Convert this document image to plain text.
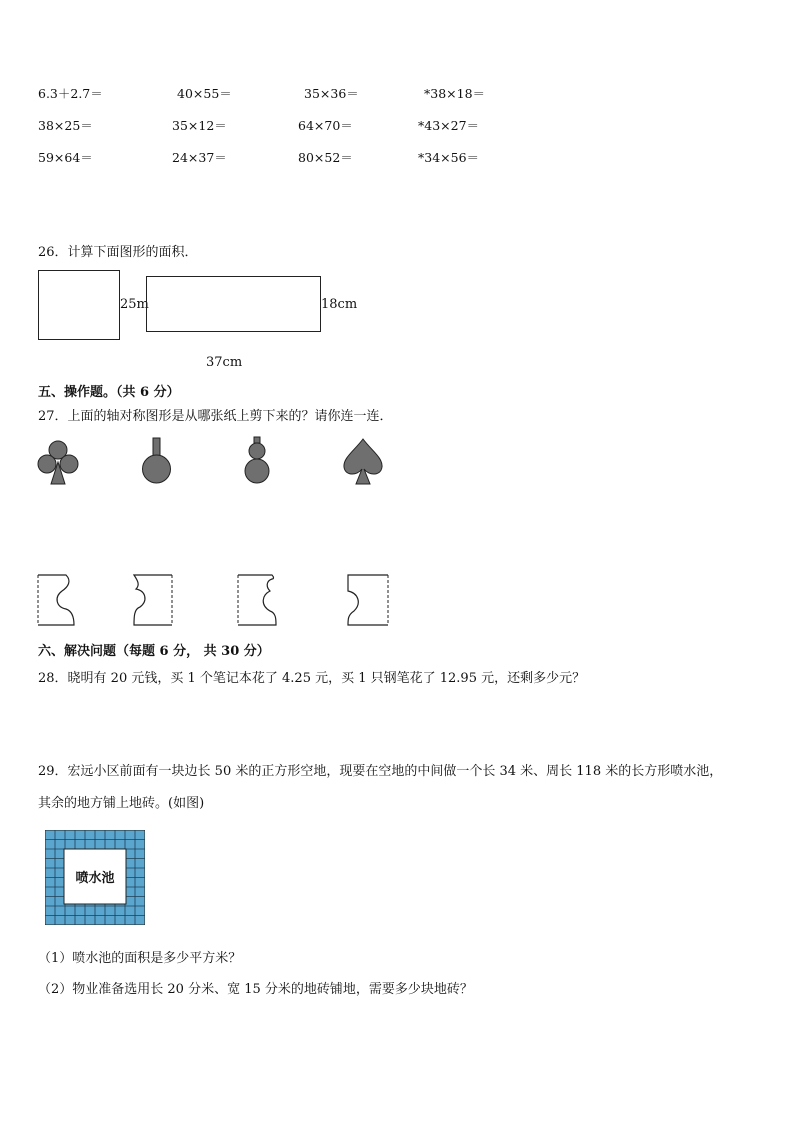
6.3＋2.7＝	40×55＝	35×36＝	*38×18＝
38×25＝	35×12＝	64×70＝	*43×27＝
59×64＝	24×37＝	80×52＝	*34×56＝
26．计算下面图形的面积．
25m	18cm
37cm
五、操作题。（共 6 分）
27．上面的轴对称图形是从哪张纸上剪下来的？请你连一连．
六、解决问题（每题 6 分， 共 30 分）
28．晓明有 20 元钱，买 1 个笔记本花了 4.25 元，买 1 只钢笔花了 12.95 元，还剩多少元？
29．宏远小区前面有一块边长 50 米的正方形空地，现要在空地的中间做一个长 34 米、周长 118 米的长方形喷水池，
其余的地方铺上地砖。(如图)
喷水池
（1）喷水池的面积是多少平方米？
（2）物业准备选用长 20 分米、宽 15 分米的地砖铺地，需要多少块地砖？
